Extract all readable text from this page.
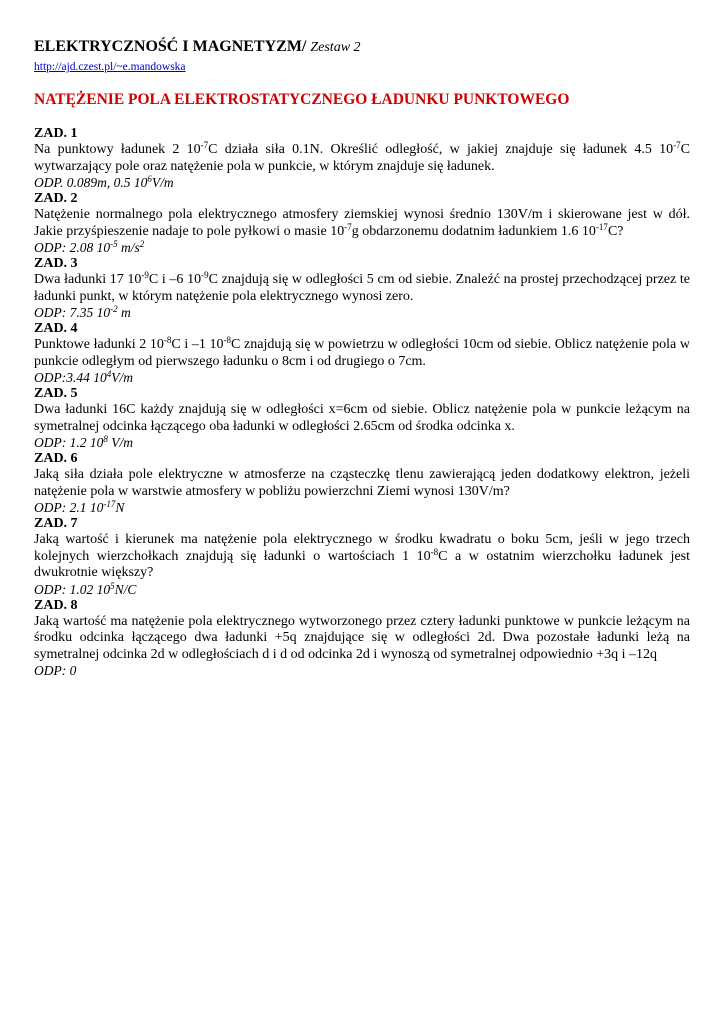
ELEKTRYCZNOŚĆ I MAGNETYZM/ Zestaw 2
http://ajd.czest.pl/~e.mandowska
NATĘŻENIE POLA ELEKTROSTATYCZNEGO ŁADUNKU PUNKTOWEGO
ZAD. 1
Na punktowy ładunek 2 $10^{-7}C$ działa siła 0.1N. Określić odległość, w jakiej znajduje się ładunek 4.5 $10^{-7}C$ wytwarzający pole oraz natężenie pola w punkcie, w którym znajduje się ładunek.
ODP. 0.089m, 0.5 $10^6V/m$
ZAD. 2
Natężenie normalnego pola elektrycznego atmosfery ziemskiej wynosi średnio 130V/m i skierowane jest w dół. Jakie przyśpieszenie nadaje to pole pyłkowi o masie $10^{-7}g$ obdarzonemu dodatnim ładunkiem 1.6 $10^{-17}C$?
ODP: 2.08 $10^{-5}$ $m/s^2$
ZAD. 3
Dwa ładunki 17 $10^{-9}C$ i –6 $10^{-9}C$ znajdują się w odległości 5 cm od siebie. Znaleźć na prostej przechodzącej przez te ładunki punkt, w którym natężenie pola elektrycznego wynosi zero.
ODP: 7.35 $10^{-2}$ m
ZAD. 4
Punktowe ładunki 2 $10^{-8}C$ i –1 $10^{-8}C$ znajdują się w powietrzu w odległości 10cm od siebie. Oblicz natężenie pola w punkcie odległym od pierwszego ładunku o 8cm i od drugiego o 7cm.
ODP:3.44 $10^4V/m$
ZAD. 5
Dwa ładunki 16C każdy znajdują się w odległości x=6cm od siebie. Oblicz natężenie pola w punkcie leżącym na symetralnej odcinka łączącego oba ładunki w odległości 2.65cm od środka odcinka x.
ODP: 1.2 $10^8$ V/m
ZAD. 6
Jaką siła działa pole elektryczne w atmosferze na cząsteczkę tlenu zawierającą jeden dodatkowy elektron, jeżeli natężenie pola w warstwie atmosfery w pobliżu powierzchni Ziemi wynosi 130V/m?
ODP: 2.1 $10^{-17}N$
ZAD. 7
Jaką wartość i kierunek ma natężenie pola elektrycznego w środku kwadratu o boku 5cm, jeśli w jego trzech kolejnych wierzchołkach znajdują się ładunki o wartościach 1 $10^{-8}C$ a w ostatnim wierzchołku ładunek jest dwukrotnie większy?
ODP: 1.02 $10^5N/C$
ZAD. 8
Jaką wartość ma natężenie pola elektrycznego wytworzonego przez cztery ładunki punktowe w punkcie leżącym na środku odcinka łączącego dwa ładunki +5q znajdujące się w odległości 2d. Dwa pozostałe ładunki leżą na symetralnej odcinka 2d w odległościach d i d od odcinka 2d i wynoszą od symetralnej odpowiednio +3q i –12q
ODP: 0
